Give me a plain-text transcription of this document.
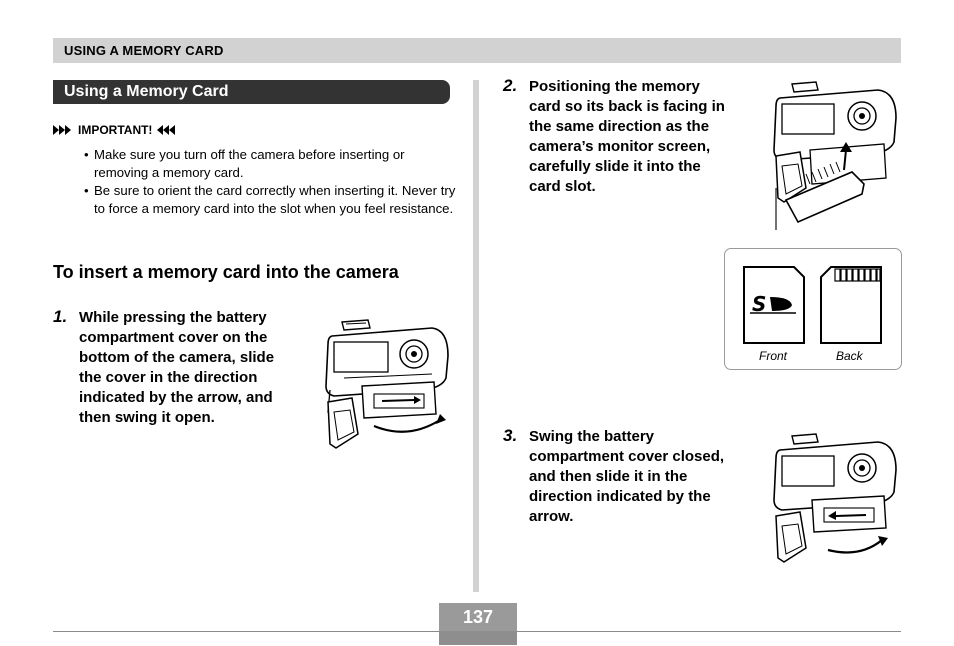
USING A MEMORY CARD
Using a Memory Card
IMPORTANT!
• Make sure you turn off the camera before inserting or removing a memory card.
• Be sure to orient the card correctly when inserting it. Never try to force a memory card into the slot when you feel resistance.
To insert a memory card into the camera
1. While pressing the battery
compartment cover on the
bottom of the camera, slide
the cover in the direction
indicated by the arrow, and
then swing it open.
2. Positioning the memory
card so its back is facing in
the same direction as the
camera’s monitor screen,
carefully slide it into the
card slot.
S
Front	Back
3. Swing the battery
compartment cover closed,
and then slide it in the
direction indicated by the
arrow.
137
